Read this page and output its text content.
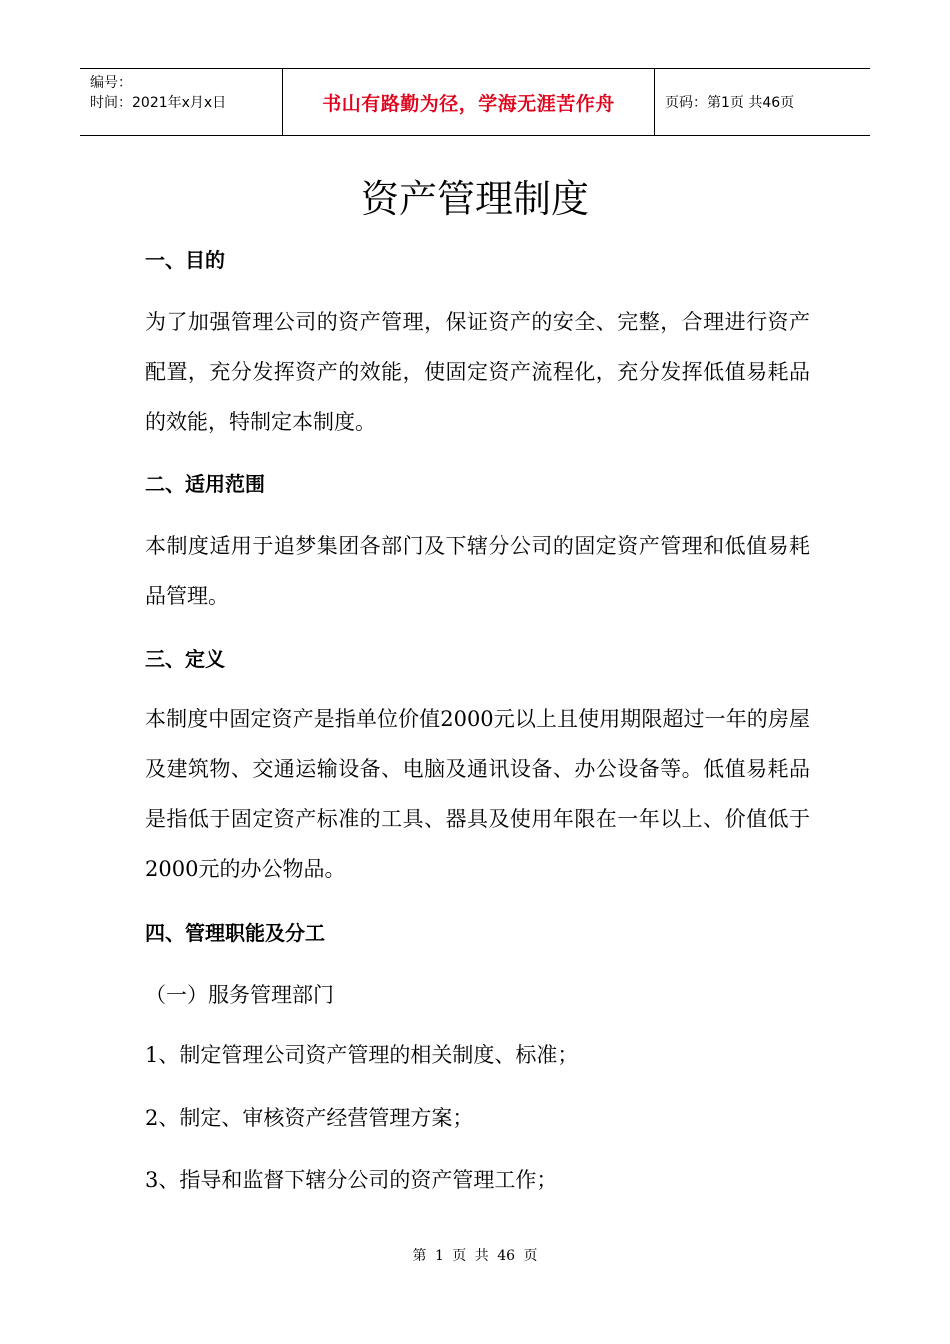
编号：
时间：2021年x月x日	书山有路勤为径，学海无涯苦作舟	页码：第1页 共46页
资产管理制度
一、目的
为了加强管理公司的资产管理，保证资产的安全、完整，合理进行资产配置，充分发挥资产的效能，使固定资产流程化，充分发挥低值易耗品的效能，特制定本制度。
二、适用范围
本制度适用于追梦集团各部门及下辖分公司的固定资产管理和低值易耗品管理。
三、定义
本制度中固定资产是指单位价值2000元以上且使用期限超过一年的房屋及建筑物、交通运输设备、电脑及通讯设备、办公设备等。低值易耗品是指低于固定资产标准的工具、器具及使用年限在一年以上、价值低于2000元的办公物品。
四、管理职能及分工
（一）服务管理部门
1、制定管理公司资产管理的相关制度、标准；
2、制定、审核资产经营管理方案；
3、指导和监督下辖分公司的资产管理工作；
第 1 页 共 46 页
